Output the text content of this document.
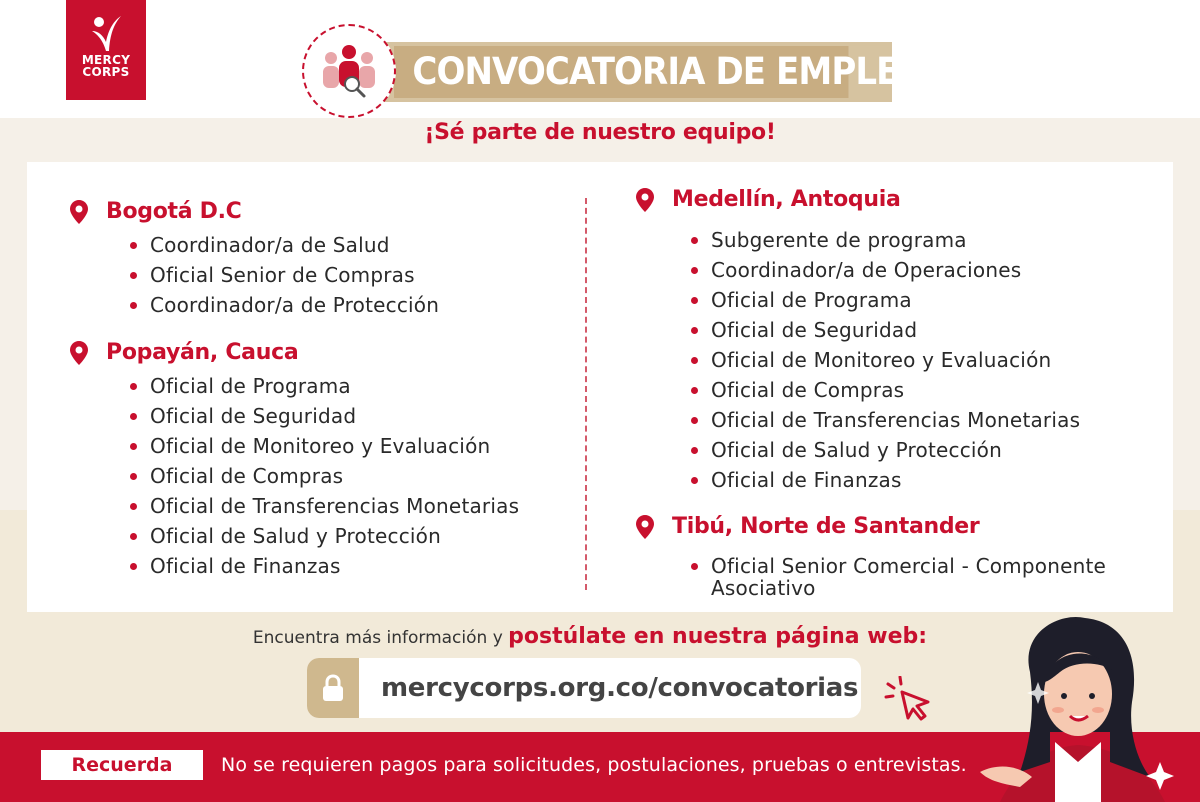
MERCY
CORPS	CONVOCATORIA DE EMPLEO
¡Sé parte de nuestro equipo!
Bogotá D.C
Coordinador/a de Salud
Oficial Senior de Compras
Coordinador/a de Protección
Popayán, Cauca
Oficial de Programa
Oficial de Seguridad
Oficial de Monitoreo y Evaluación
Oficial de Compras
Oficial de Transferencias Monetarias
Oficial de Salud y Protección
Oficial de Finanzas
Medellín, Antoquia
Subgerente de programa
Coordinador/a de Operaciones
Oficial de Programa
Oficial de Seguridad
Oficial de Monitoreo y Evaluación
Oficial de Compras
Oficial de Transferencias Monetarias
Oficial de Salud y Protección
Oficial de Finanzas
Tibú, Norte de Santander
Oficial Senior Comercial - Componente Asociativo
Encuentra más información y postúlate en nuestra página web:
mercycorps.org.co/convocatorias
Recuerda	No se requieren pagos para solicitudes, postulaciones, pruebas o entrevistas.
